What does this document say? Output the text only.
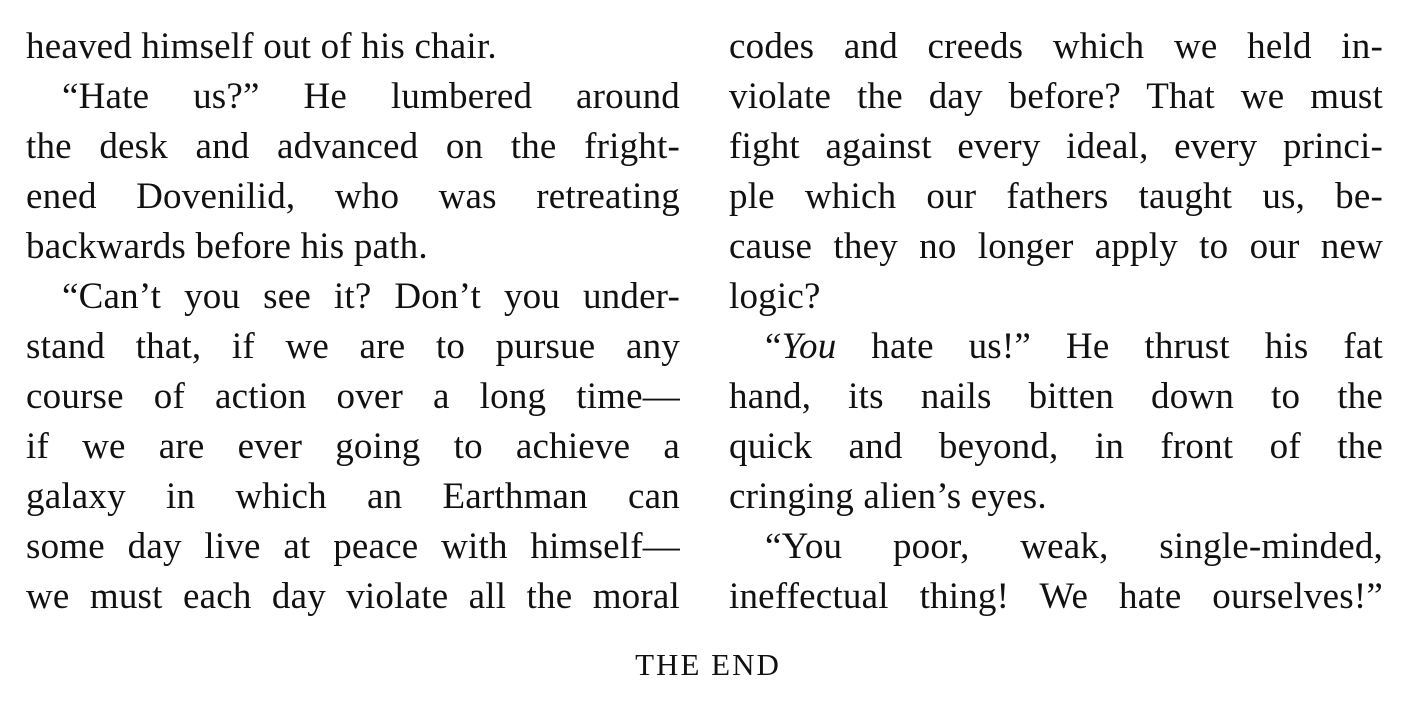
heaved himself out of his chair.
“Hate us?” He lumbered around
the desk and advanced on the fright-
ened Dovenilid, who was retreating
backwards before his path.
“Can’t you see it? Don’t you under-
stand that, if we are to pursue any
course of action over a long time—
if we are ever going to achieve a
galaxy in which an Earthman can
some day live at peace with himself—
we must each day violate all the moral
codes and creeds which we held in-
violate the day before? That we must
fight against every ideal, every princi-
ple which our fathers taught us, be-
cause they no longer apply to our new
logic?
“You hate us!” He thrust his fat
hand, its nails bitten down to the
quick and beyond, in front of the
cringing alien’s eyes.
“You poor, weak, single-minded,
ineffectual thing! We hate ourselves!”
THE END
